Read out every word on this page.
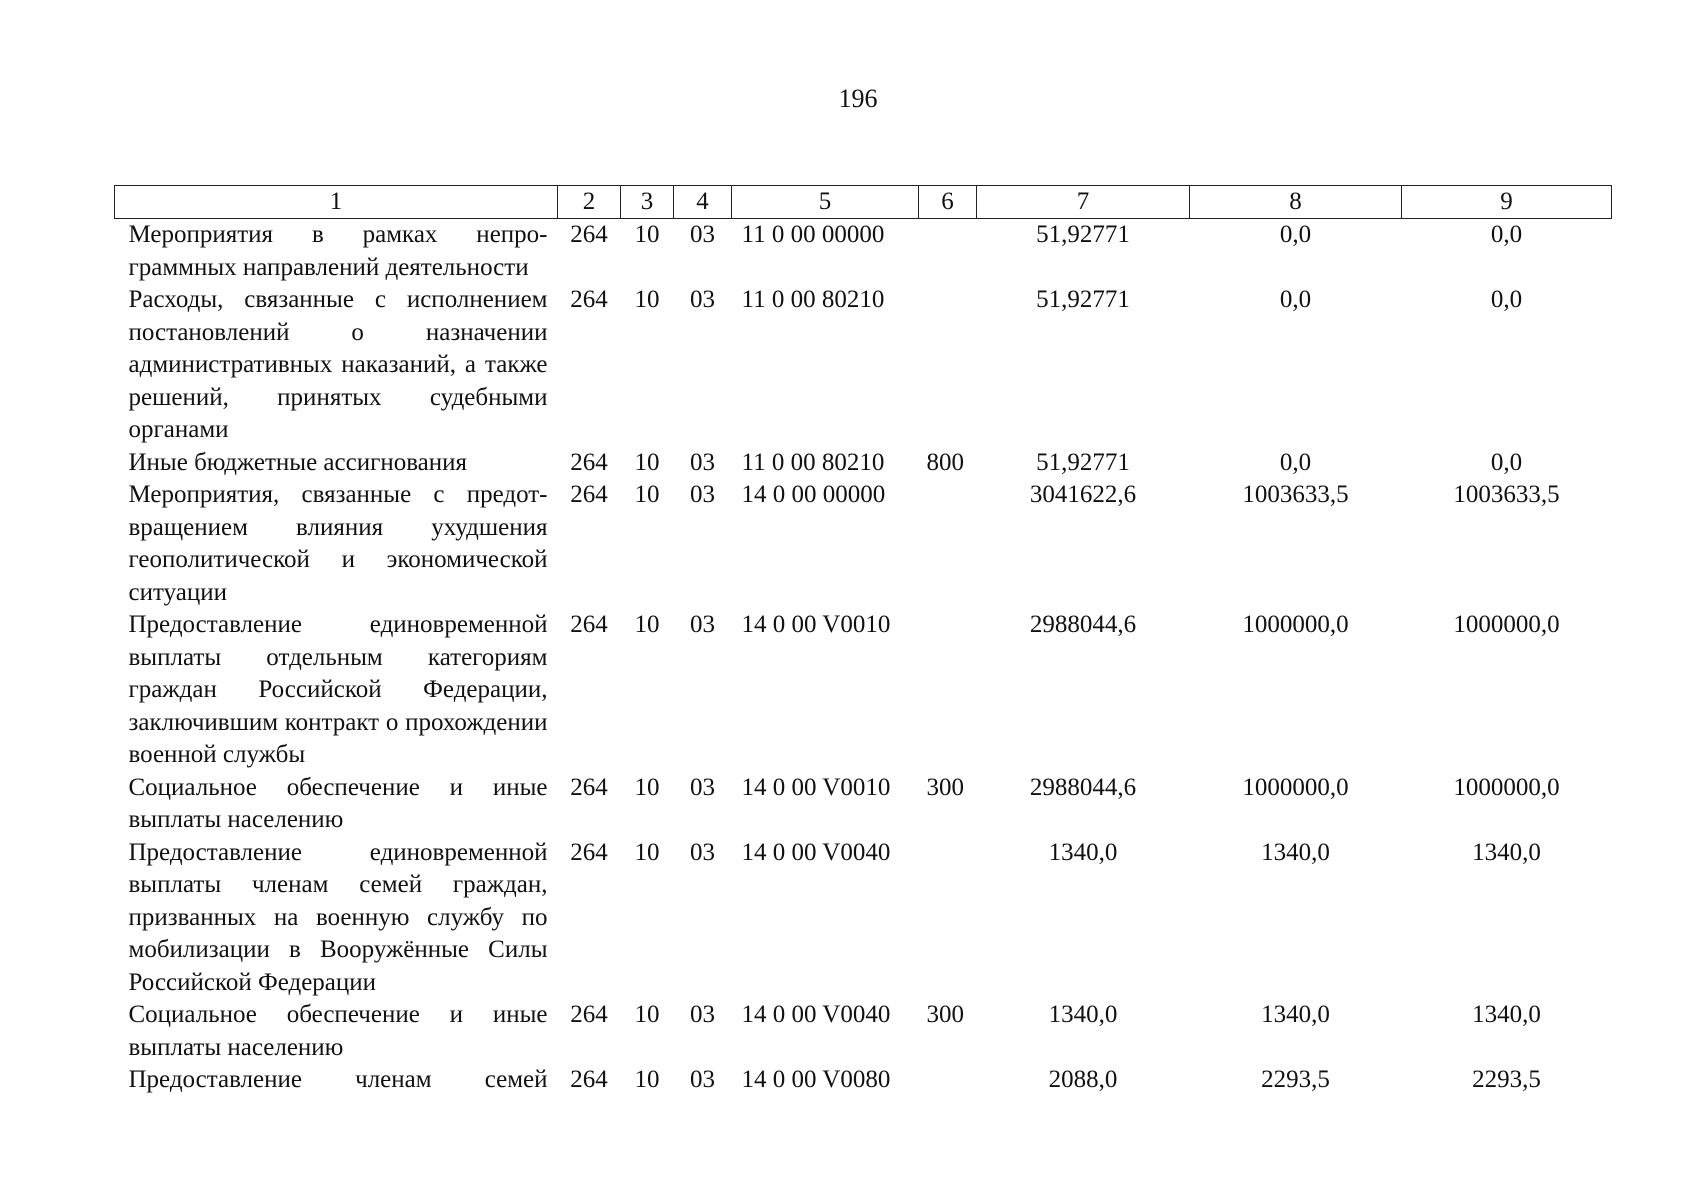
196
1	2	3	4	5	6	7	8	9
Мероприятия в рамках непрограммных направлений деятельности	264	10	03	11 0 00 00000		51,92771	0,0	0,0
Расходы, связанные с исполнением постановлений о назначении административных наказаний, а также решений, принятых судебными органами	264	10	03	11 0 00 80210		51,92771	0,0	0,0
Иные бюджетные ассигнования	264	10	03	11 0 00 80210	800	51,92771	0,0	0,0
Мероприятия, связанные с предотвращением влияния ухудшения геополитической и экономической ситуации	264	10	03	14 0 00 00000		3041622,6	1003633,5	1003633,5
Предоставление единовременной выплаты отдельным категориям граждан Российской Федерации, заключившим контракт о прохождении военной службы	264	10	03	14 0 00 V0010		2988044,6	1000000,0	1000000,0
Социальное обеспечение и иные выплаты населению	264	10	03	14 0 00 V0010	300	2988044,6	1000000,0	1000000,0
Предоставление единовременной выплаты членам семей граждан, призванных на военную службу по мобилизации в Вооружённые Силы Российской Федерации	264	10	03	14 0 00 V0040		1340,0	1340,0	1340,0
Социальное обеспечение и иные выплаты населению	264	10	03	14 0 00 V0040	300	1340,0	1340,0	1340,0
Предоставление членам семей	264	10	03	14 0 00 V0080		2088,0	2293,5	2293,5
